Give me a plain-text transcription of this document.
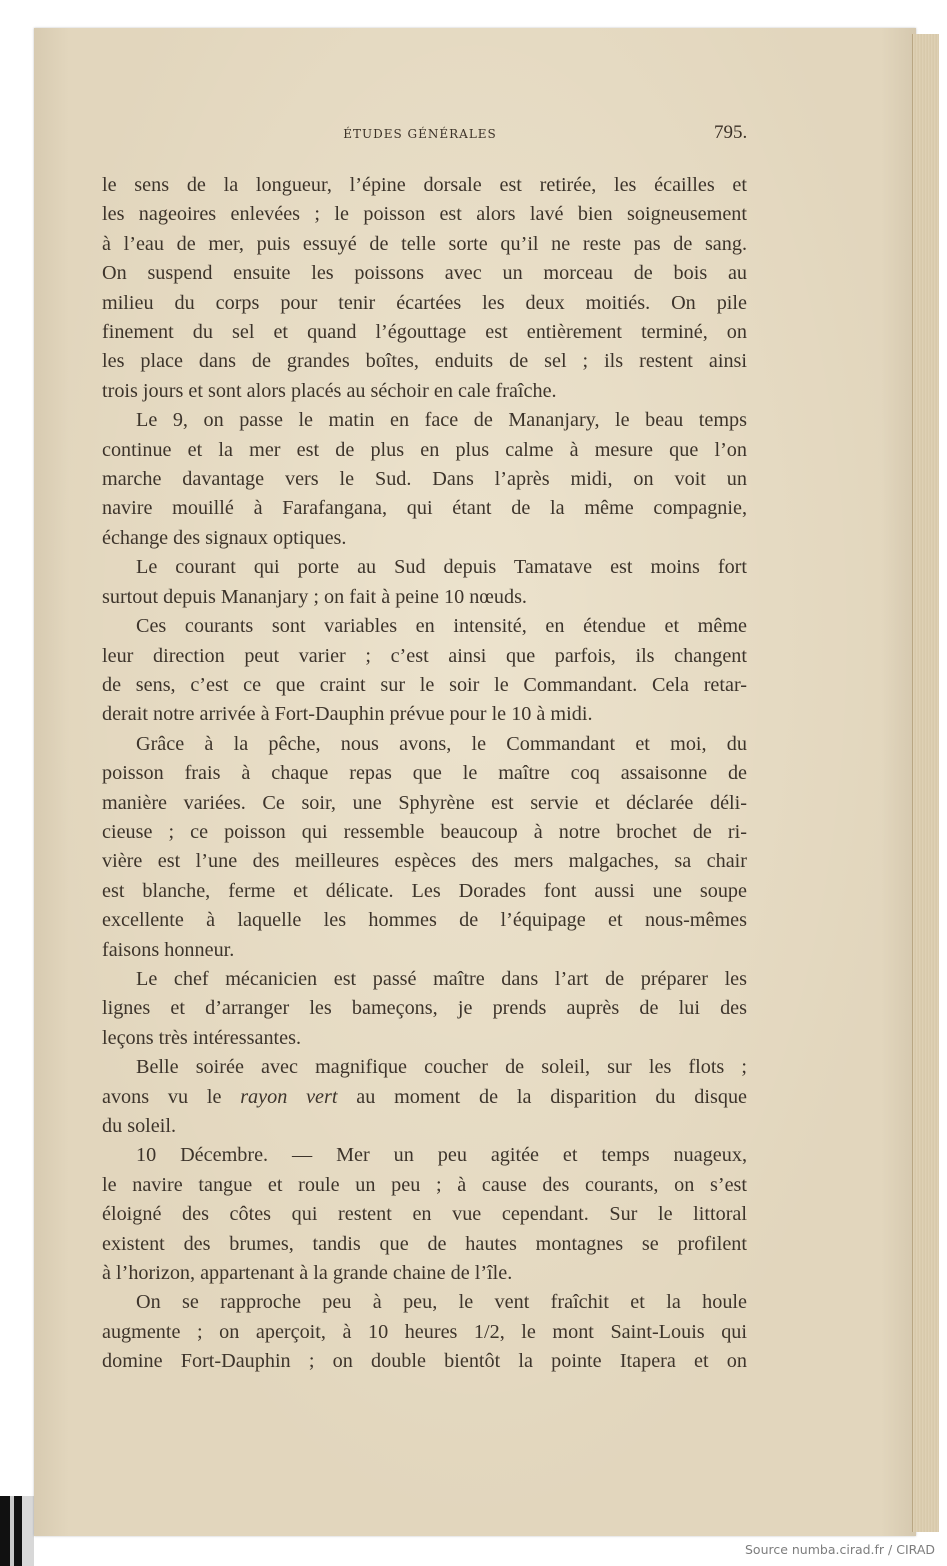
ÉTUDES GÉNÉRALES	795.
le sens de la longueur, l’épine dorsale est retirée, les écailles et
les nageoires enlevées ; le poisson est alors lavé bien soigneusement
à l’eau de mer, puis essuyé de telle sorte qu’il ne reste pas de sang.
On suspend ensuite les poissons avec un morceau de bois au
milieu du corps pour tenir écartées les deux moitiés. On pile
finement du sel et quand l’égouttage est entièrement terminé, on
les place dans de grandes boîtes, enduits de sel ; ils restent ainsi
trois jours et sont alors placés au séchoir en cale fraîche.
Le 9, on passe le matin en face de Mananjary, le beau temps
continue et la mer est de plus en plus calme à mesure que l’on
marche davantage vers le Sud. Dans l’après midi, on voit un
navire mouillé à Farafangana, qui étant de la même compagnie,
échange des signaux optiques.
Le courant qui porte au Sud depuis Tamatave est moins fort
surtout depuis Mananjary ; on fait à peine 10 nœuds.
Ces courants sont variables en intensité, en étendue et même
leur direction peut varier ; c’est ainsi que parfois, ils changent
de sens, c’est ce que craint sur le soir le Commandant. Cela retar-
derait notre arrivée à Fort-Dauphin prévue pour le 10 à midi.
Grâce à la pêche, nous avons, le Commandant et moi, du
poisson frais à chaque repas que le maître coq assaisonne de
manière variées. Ce soir, une Sphyrène est servie et déclarée déli-
cieuse ; ce poisson qui ressemble beaucoup à notre brochet de ri-
vière est l’une des meilleures espèces des mers malgaches, sa chair
est blanche, ferme et délicate. Les Dorades font aussi une soupe
excellente à laquelle les hommes de l’équipage et nous-mêmes
faisons honneur.
Le chef mécanicien est passé maître dans l’art de préparer les
lignes et d’arranger les bameçons, je prends auprès de lui des
leçons très intéressantes.
Belle soirée avec magnifique coucher de soleil, sur les flots ;
avons vu le rayon vert au moment de la disparition du disque
du soleil.
10 Décembre. — Mer un peu agitée et temps nuageux,
le navire tangue et roule un peu ; à cause des courants, on s’est
éloigné des côtes qui restent en vue cependant. Sur le littoral
existent des brumes, tandis que de hautes montagnes se profilent
à l’horizon, appartenant à la grande chaine de l’île.
On se rapproche peu à peu, le vent fraîchit et la houle
augmente ; on aperçoit, à 10 heures 1/2, le mont Saint-Louis qui
domine Fort-Dauphin ; on double bientôt la pointe Itapera et on
Source numba.cirad.fr / CIRAD
